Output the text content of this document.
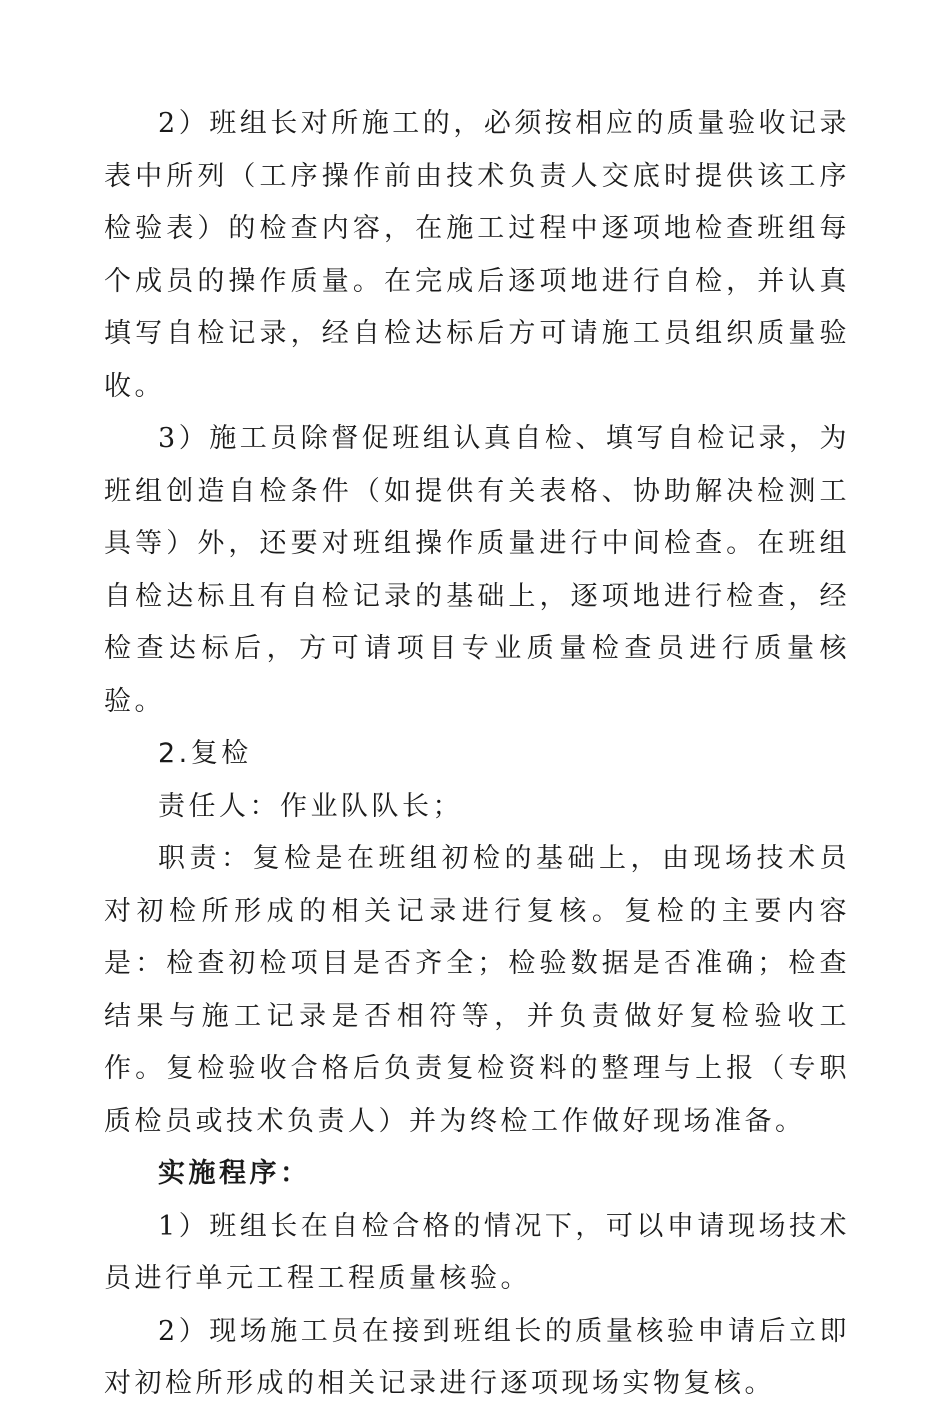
2）班组长对所施工的，必须按相应的质量验收记录表中所列（工序操作前由技术负责人交底时提供该工序检验表）的检查内容，在施工过程中逐项地检查班组每个成员的操作质量。在完成后逐项地进行自检，并认真填写自检记录，经自检达标后方可请施工员组织质量验收。

3）施工员除督促班组认真自检、填写自检记录，为班组创造自检条件（如提供有关表格、协助解决检测工具等）外，还要对班组操作质量进行中间检查。在班组自检达标且有自检记录的基础上，逐项地进行检查，经检查达标后，方可请项目专业质量检查员进行质量核验。

2.复检

责任人：作业队队长；

职责：复检是在班组初检的基础上，由现场技术员对初检所形成的相关记录进行复核。复检的主要内容是：检查初检项目是否齐全；检验数据是否准确；检查结果与施工记录是否相符等，并负责做好复检验收工作。复检验收合格后负责复检资料的整理与上报（专职质检员或技术负责人）并为终检工作做好现场准备。

实施程序：

1）班组长在自检合格的情况下，可以申请现场技术员进行单元工程工程质量核验。

2）现场施工员在接到班组长的质量核验申请后立即对初检所形成的相关记录进行逐项现场实物复核。
